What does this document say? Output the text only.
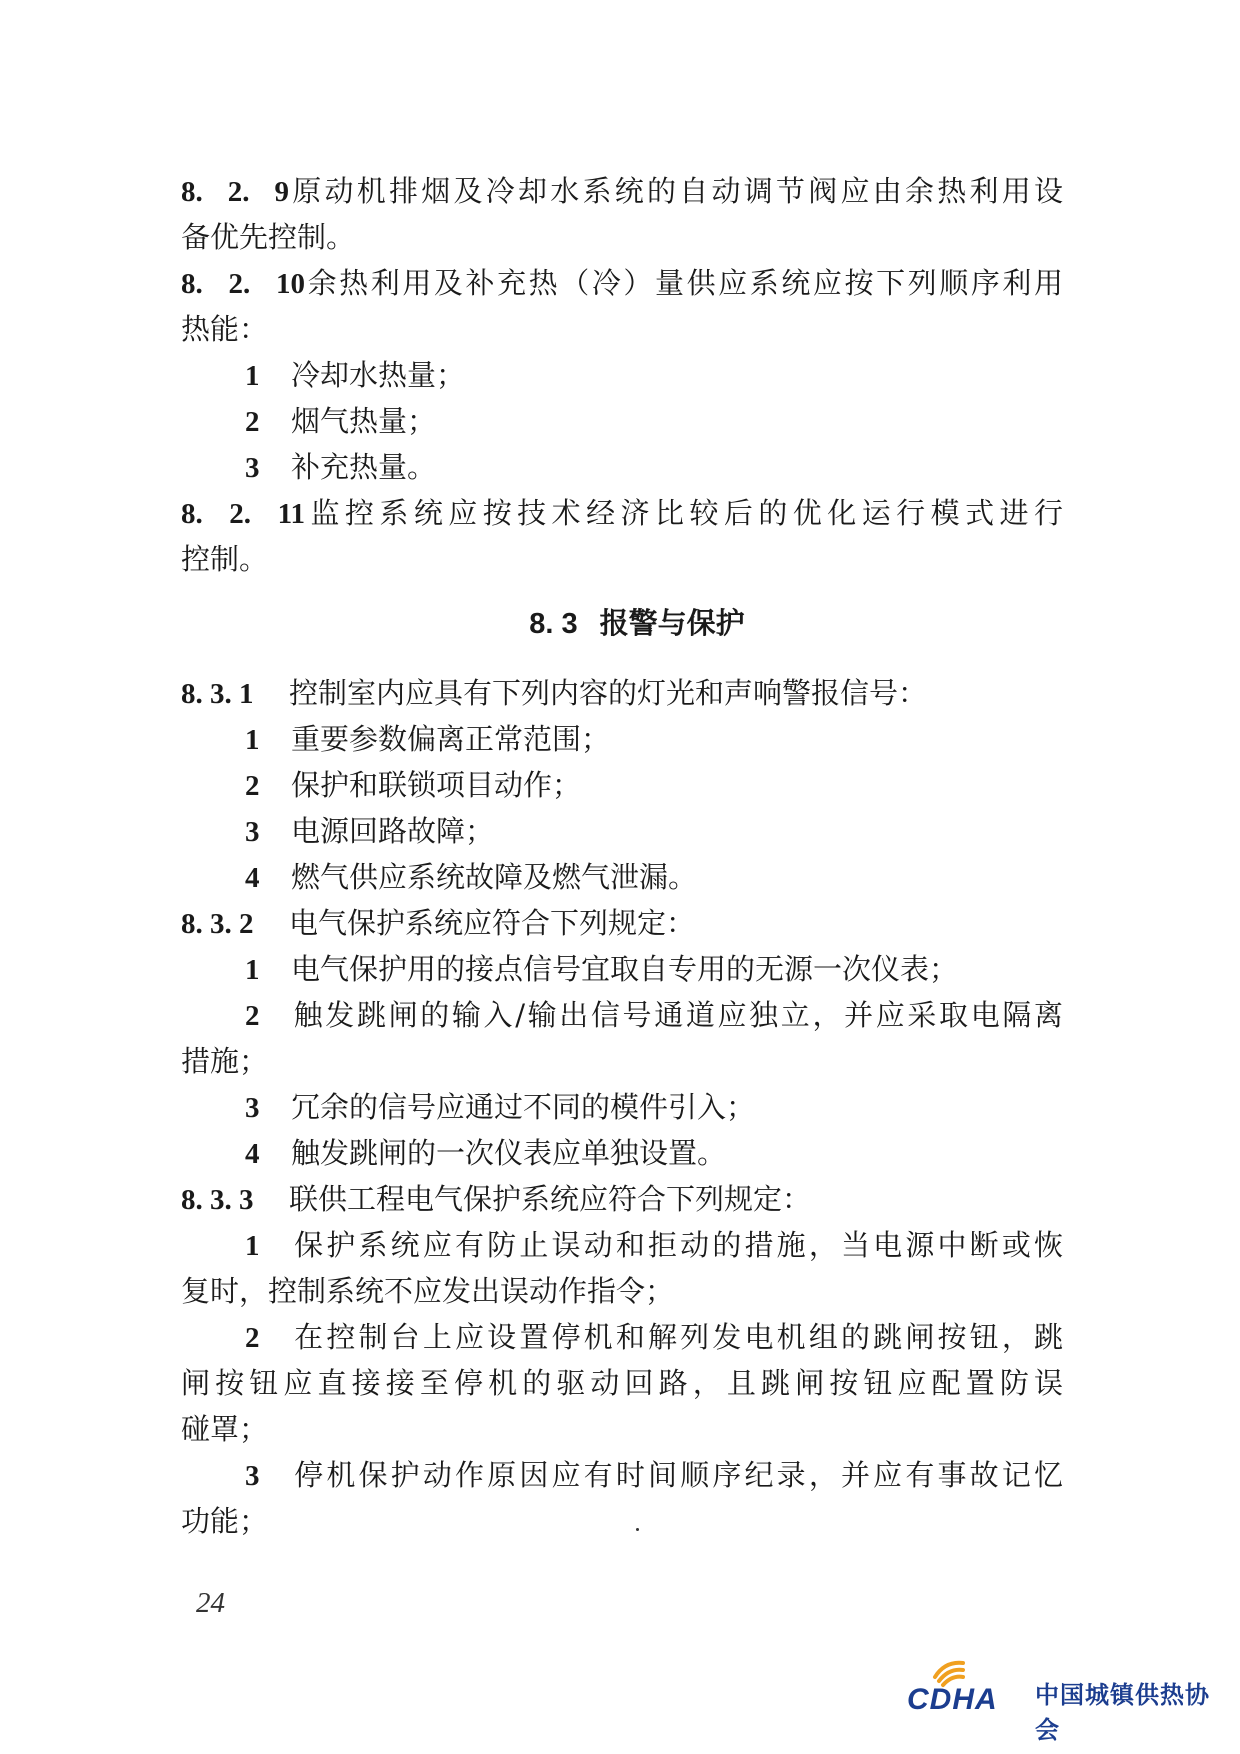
8. 2. 9原动机排烟及冷却水系统的自动调节阀应由余热利用设
备优先控制。
8. 2. 10余热利用及补充热（冷）量供应系统应按下列顺序利用
热能：
1 冷却水热量；
2 烟气热量；
3 补充热量。
8. 2. 11监控系统应按技术经济比较后的优化运行模式进行
控制。
8. 3 报警与保护
8. 3. 1 控制室内应具有下列内容的灯光和声响警报信号：
1 重要参数偏离正常范围；
2 保护和联锁项目动作；
3 电源回路故障；
4 燃气供应系统故障及燃气泄漏。
8. 3. 2 电气保护系统应符合下列规定：
1 电气保护用的接点信号宜取自专用的无源一次仪表；
2 触发跳闸的输入/输出信号通道应独立，并应采取电隔离
措施；
3 冗余的信号应通过不同的模件引入；
4 触发跳闸的一次仪表应单独设置。
8. 3. 3 联供工程电气保护系统应符合下列规定：
1 保护系统应有防止误动和拒动的措施，当电源中断或恢
复时，控制系统不应发出误动作指令；
2 在控制台上应设置停机和解列发电机组的跳闸按钮，跳
闸按钮应直接接至停机的驱动回路，且跳闸按钮应配置防误
碰罩；
3 停机保护动作原因应有时间顺序纪录，并应有事故记忆
功能；
24
CDHA 中国城镇供热协会
